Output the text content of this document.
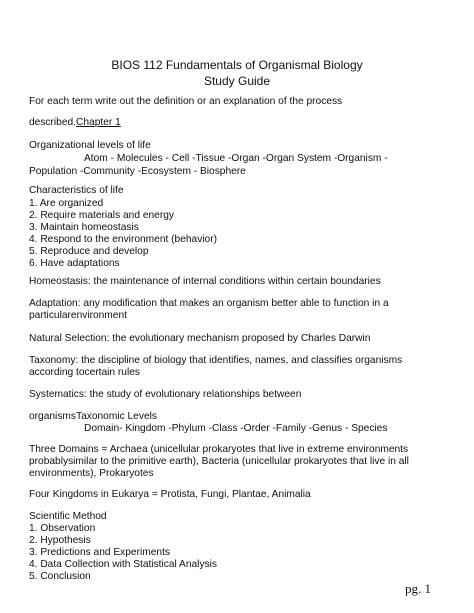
BIOS 112 Fundamentals of Organismal Biology
Study Guide
For each term write out the definition or an explanation of the process
described.Chapter 1
Organizational levels of life
Atom - Molecules - Cell -Tissue -Organ -Organ System -Organism -
Population -Community -Ecosystem - Biosphere
Characteristics of life
1. Are organized
2. Require materials and energy
3. Maintain homeostasis
4. Respond to the environment (behavior)
5. Reproduce and develop
6. Have adaptations
Homeostasis: the maintenance of internal conditions within certain boundaries
Adaptation: any modification that makes an organism better able to function in a
particularenvironment
Natural Selection: the evolutionary mechanism proposed by Charles Darwin
Taxonomy: the discipline of biology that identifies, names, and classifies organisms
according tocertain rules
Systematics: the study of evolutionary relationships between
organismsTaxonomic Levels
Domain- Kingdom -Phylum -Class -Order -Family -Genus - Species
Three Domains = Archaea (unicellular prokaryotes that live in extreme environments
probablysimilar to the primitive earth), Bacteria (unicellular prokaryotes that live in all
environments), Prokaryotes
Four Kingdoms in Eukarya = Protista, Fungi, Plantae, Animalia
Scientific Method
1. Observation
2. Hypothesis
3. Predictions and Experiments
4. Data Collection with Statistical Analysis
5. Conclusion
pg. 1
